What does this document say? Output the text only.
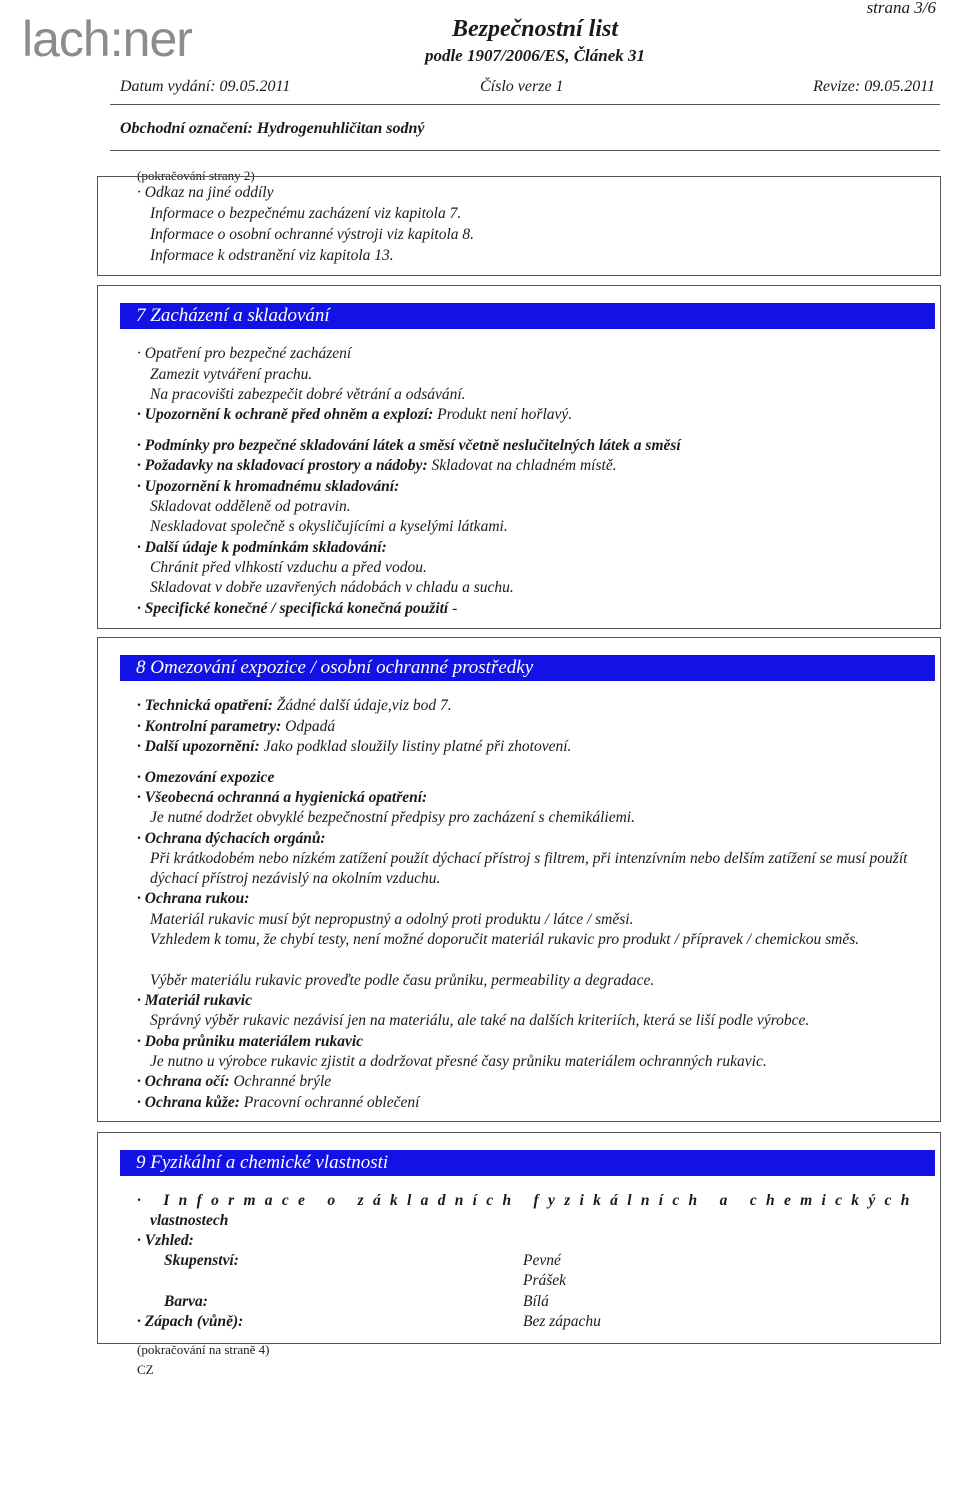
lach:ner
strana 3/6
Bezpečnostní list
podle 1907/2006/ES, Článek 31
Datum vydání: 09.05.2011	Číslo verze 1	Revize: 09.05.2011
Obchodní označení: Hydrogenuhličitan sodný
(pokračování strany 2)
· Odkaz na jiné oddíly
Informace o bezpečnému zacházení viz kapitola 7.
Informace o osobní ochranné výstroji viz kapitola 8.
Informace k odstranění viz kapitola 13.
7 Zacházení a skladování
· Opatření pro bezpečné zacházení
Zamezit vytváření prachu.
Na pracovišti zabezpečit dobré větrání a odsávání.
· Upozornění k ochraně před ohněm a explozí: Produkt není hořlavý.
· Podmínky pro bezpečné skladování látek a směsí včetně neslučitelných látek a směsí
· Požadavky na skladovací prostory a nádoby: Skladovat na chladném místě.
· Upozornění k hromadnému skladování:
Skladovat odděleně od potravin.
Neskladovat společně s okysličujícími a kyselými látkami.
· Další údaje k podmínkám skladování:
Chránit před vlhkostí vzduchu a před vodou.
Skladovat v dobře uzavřených nádobách v chladu a suchu.
· Specifické konečné / specifická konečná použití -
8 Omezování expozice / osobní ochranné prostředky
· Technická opatření: Žádné další údaje,viz bod 7.
· Kontrolní parametry: Odpadá
· Další upozornění: Jako podklad sloužily listiny platné při zhotovení.
· Omezování expozice
· Všeobecná ochranná a hygienická opatření:
Je nutné dodržet obvyklé bezpečnostní předpisy pro zacházení s chemikáliemi.
· Ochrana dýchacích orgánů:
Při krátkodobém nebo nízkém zatížení použít dýchací přístroj s filtrem, při intenzívním nebo delším zatížení se musí použít dýchací přístroj nezávislý na okolním vzduchu.
· Ochrana rukou:
Materiál rukavic musí být nepropustný a odolný proti produktu / látce / směsi.
Vzhledem k tomu, že chybí testy, není možné doporučit materiál rukavic pro produkt / přípravek / chemickou směs.
Výběr materiálu rukavic proveďte podle času průniku, permeability a degradace.
· Materiál rukavic
Správný výběr rukavic nezávisí jen na materiálu, ale také na dalších kriteriích, která se liší podle výrobce.
· Doba průniku materiálem rukavic
Je nutno u výrobce rukavic zjistit a dodržovat přesné časy průniku materiálem ochranných rukavic.
· Ochrana očí: Ochranné brýle
· Ochrana kůže: Pracovní ochranné oblečení
9 Fyzikální a chemické vlastnosti
· Informace o základních fyzikálních a chemických
vlastnostech
· Vzhled:
Skupenství:	Pevné
Prášek
Barva:	Bílá
· Zápach (vůně):	Bez zápachu
(pokračování na straně 4)
CZ
